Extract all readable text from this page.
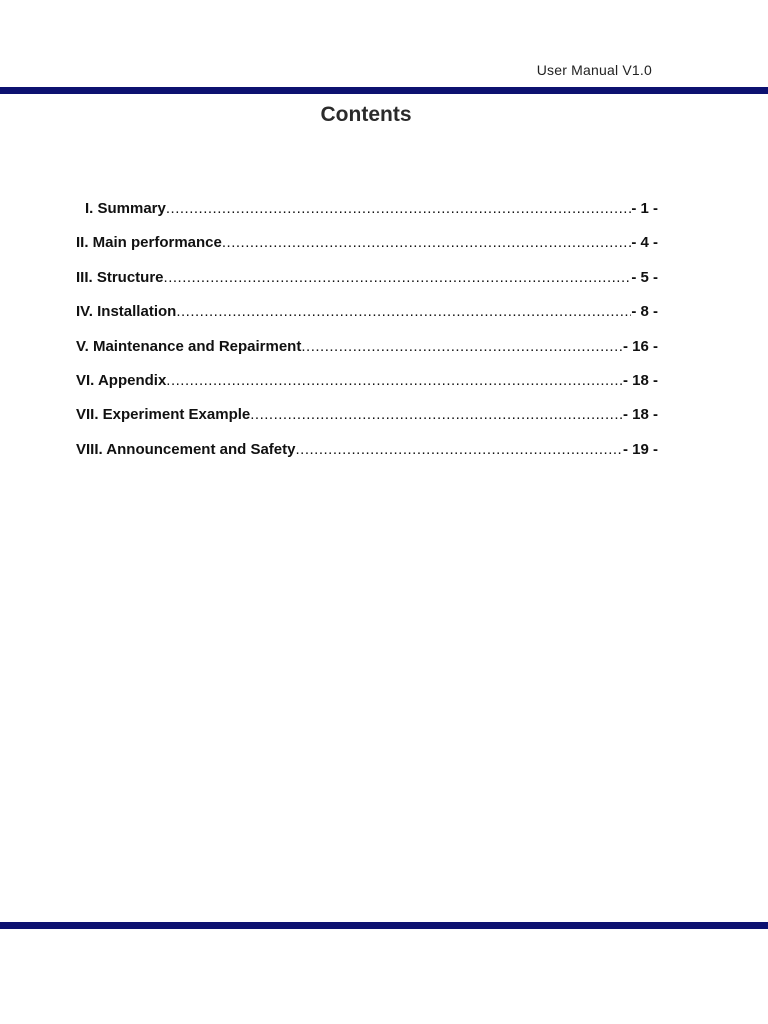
User Manual V1.0
Contents
I. Summary .....	- 1 -
II. Main performance .....	- 4 -
III. Structure .....	- 5 -
IV. Installation .....	- 8 -
V. Maintenance and Repairment .....	- 16 -
VI. Appendix .....	- 18 -
VII. Experiment Example .....	- 18 -
VIII. Announcement and Safety .....	- 19 -
